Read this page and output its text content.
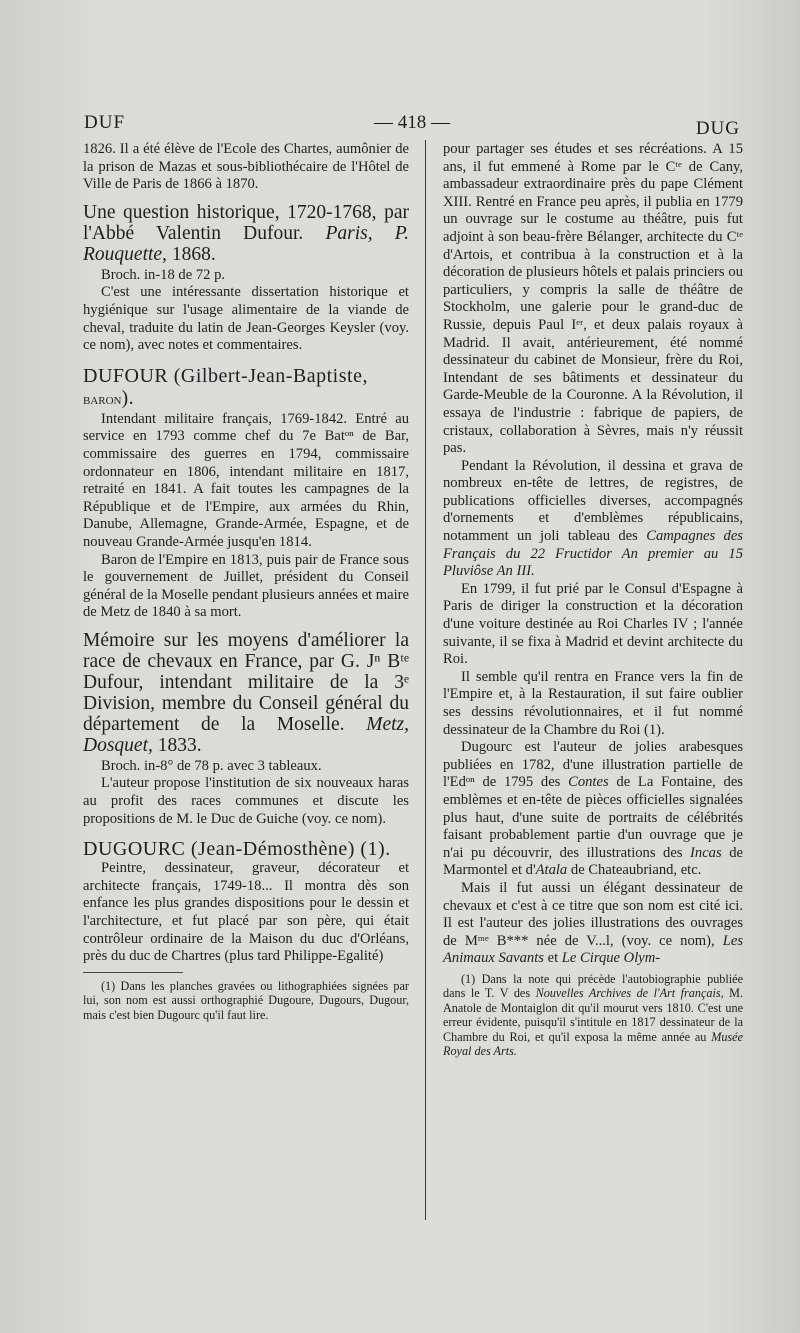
DUF	— 418 —	DUG

1826. Il a été élève de l'Ecole des Chartes, aumônier de la prison de Mazas et sous-bibliothécaire de l'Hôtel de Ville de Paris de 1866 à 1870.

Une question historique, 1720-1768, par l'Abbé Valentin Dufour. Paris, P. Rouquette, 1868.

Broch. in-18 de 72 p.

C'est une intéressante dissertation historique et hygiénique sur l'usage alimentaire de la viande de cheval, traduite du latin de Jean-Georges Keysler (voy. ce nom), avec notes et commentaires.

DUFOUR (Gilbert-Jean-Baptiste, baron).

Intendant militaire français, 1769-1842. Entré au service en 1793 comme chef du 7e Batᵒⁿ de Bar, commissaire des guerres en 1794, commissaire ordonnateur en 1806, intendant militaire en 1817, retraité en 1841. A fait toutes les campagnes de la République et de l'Empire, aux armées du Rhin, Danube, Allemagne, Grande-Armée, Espagne, et de nouveau Grande-Armée jusqu'en 1814.

Baron de l'Empire en 1813, puis pair de France sous le gouvernement de Juillet, président du Conseil général de la Moselle pendant plusieurs années et maire de Metz de 1840 à sa mort.

Mémoire sur les moyens d'améliorer la race de chevaux en France, par G. Jⁿ Bᵗᵉ Dufour, intendant militaire de la 3ᵉ Division, membre du Conseil général du département de la Moselle. Metz, Dosquet, 1833.

Broch. in-8° de 78 p. avec 3 tableaux.

L'auteur propose l'institution de six nouveaux haras au profit des races communes et discute les propositions de M. le Duc de Guiche (voy. ce nom).

DUGOURC (Jean-Démosthène) (1).

Peintre, dessinateur, graveur, décorateur et architecte français, 1749-18... Il montra dès son enfance les plus grandes dispositions pour le dessin et l'architecture, et fut placé par son père, qui était contrôleur ordinaire de la Maison du duc d'Orléans, près du duc de Chartres (plus tard Philippe-Egalité)

(1) Dans les planches gravées ou lithographiées signées par lui, son nom est aussi orthographié Dugoure, Dugours, Dugour, mais c'est bien Dugourc qu'il faut lire.

pour partager ses études et ses récréations. A 15 ans, il fut emmené à Rome par le Cᵗᵉ de Cany, ambassadeur extraordinaire près du pape Clément XIII. Rentré en France peu après, il publia en 1779 un ouvrage sur le costume au théâtre, puis fut adjoint à son beau-frère Bélanger, architecte du Cᵗᵉ d'Artois, et contribua à la construction et à la décoration de plusieurs hôtels et palais princiers ou particuliers, y compris la salle de théâtre de Stockholm, une galerie pour le grand-duc de Russie, depuis Paul Iᵉʳ, et deux palais royaux à Madrid. Il avait, antérieurement, été nommé dessinateur du cabinet de Monsieur, frère du Roi, Intendant de ses bâtiments et dessinateur du Garde-Meuble de la Couronne. A la Révolution, il essaya de l'industrie : fabrique de papiers, de cristaux, collaboration à Sèvres, mais n'y réussit pas.

Pendant la Révolution, il dessina et grava de nombreux en-tête de lettres, de registres, de publications officielles diverses, accompagnés d'ornements et d'emblèmes républicains, notamment un joli tableau des Campagnes des Français du 22 Fructidor An premier au 15 Pluviôse An III.

En 1799, il fut prié par le Consul d'Espagne à Paris de diriger la construction et la décoration d'une voiture destinée au Roi Charles IV ; l'année suivante, il se fixa à Madrid et devint architecte du Roi.

Il semble qu'il rentra en France vers la fin de l'Empire et, à la Restauration, il sut faire oublier ses dessins révolutionnaires, et il fut nommé dessinateur de la Chambre du Roi (1).

Dugourc est l'auteur de jolies arabesques publiées en 1782, d'une illustration partielle de l'Edᵒⁿ de 1795 des Contes de La Fontaine, des emblèmes et en-tête de pièces officielles signalées plus haut, d'une suite de portraits de célébrités faisant probablement partie d'un ouvrage que je n'ai pu découvrir, des illustrations des Incas de Marmontel et d'Atala de Chateaubriand, etc.

Mais il fut aussi un élégant dessinateur de chevaux et c'est à ce titre que son nom est cité ici. Il est l'auteur des jolies illustrations des ouvrages de Mᵐᵉ B*** née de V...l, (voy. ce nom), Les Animaux Savants et Le Cirque Olym-

(1) Dans la note qui précède l'autobiographie publiée dans le T. V des Nouvelles Archives de l'Art français, M. Anatole de Montaiglon dit qu'il mourut vers 1810. C'est une erreur évidente, puisqu'il s'intitule en 1817 dessinateur de la Chambre du Roi, et qu'il exposa la même année au Musée Royal des Arts.
